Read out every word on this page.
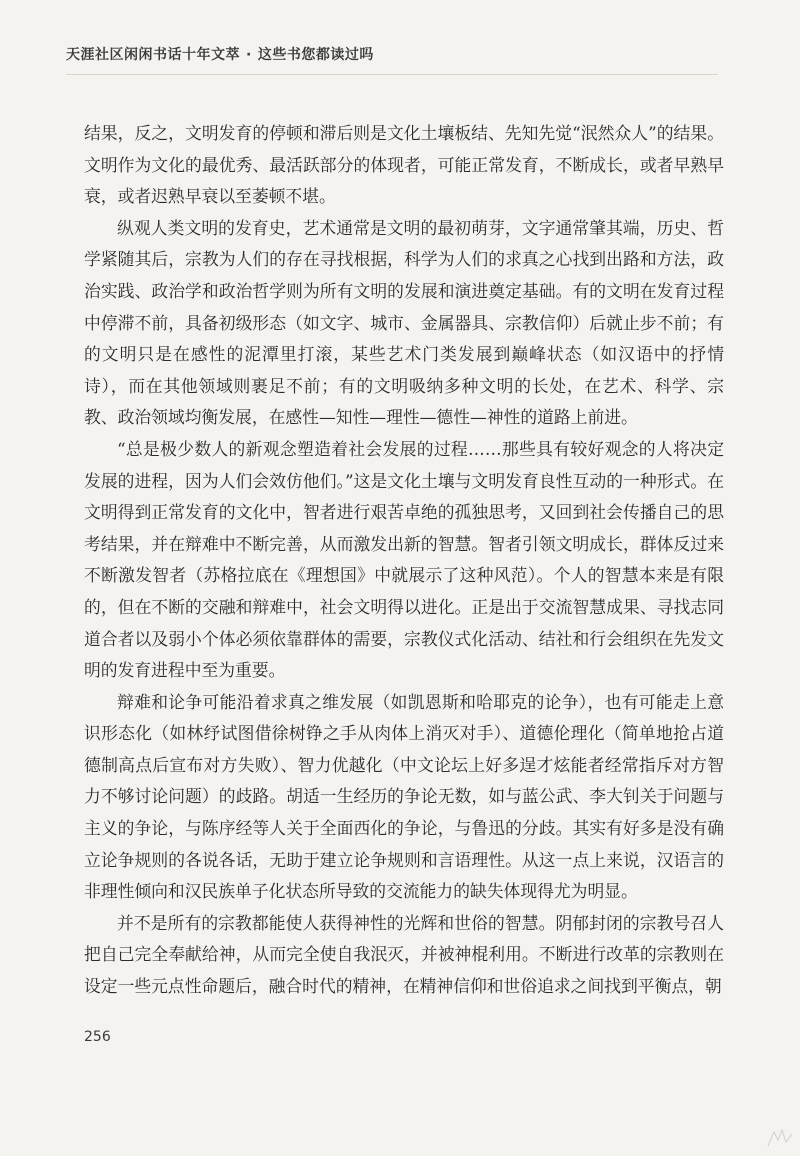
天涯社区闲闲书话十年文萃 · 这些书您都读过吗

结果，反之，文明发育的停顿和滞后则是文化土壤板结、先知先觉“泯然众人”的结果。文明作为文化的最优秀、最活跃部分的体现者，可能正常发育，不断成长，或者早熟早衰，或者迟熟早衰以至萎顿不堪。

纵观人类文明的发育史，艺术通常是文明的最初萌芽，文字通常肇其端，历史、哲学紧随其后，宗教为人们的存在寻找根据，科学为人们的求真之心找到出路和方法，政治实践、政治学和政治哲学则为所有文明的发展和演进奠定基础。有的文明在发育过程中停滞不前，具备初级形态（如文字、城市、金属器具、宗教信仰）后就止步不前；有的文明只是在感性的泥潭里打滚，某些艺术门类发展到巅峰状态（如汉语中的抒情诗），而在其他领域则裹足不前；有的文明吸纳多种文明的长处，在艺术、科学、宗教、政治领域均衡发展，在感性—知性—理性—德性—神性的道路上前进。

“总是极少数人的新观念塑造着社会发展的过程……那些具有较好观念的人将决定发展的进程，因为人们会效仿他们。”这是文化土壤与文明发育良性互动的一种形式。在文明得到正常发育的文化中，智者进行艰苦卓绝的孤独思考，又回到社会传播自己的思考结果，并在辩难中不断完善，从而激发出新的智慧。智者引领文明成长，群体反过来不断激发智者（苏格拉底在《理想国》中就展示了这种风范）。个人的智慧本来是有限的，但在不断的交融和辩难中，社会文明得以进化。正是出于交流智慧成果、寻找志同道合者以及弱小个体必须依靠群体的需要，宗教仪式化活动、结社和行会组织在先发文明的发育进程中至为重要。

辩难和论争可能沿着求真之维发展（如凯恩斯和哈耶克的论争），也有可能走上意识形态化（如林纾试图借徐树铮之手从肉体上消灭对手）、道德伦理化（简单地抢占道德制高点后宣布对方失败）、智力优越化（中文论坛上好多逞才炫能者经常指斥对方智力不够讨论问题）的歧路。胡适一生经历的争论无数，如与蓝公武、李大钊关于问题与主义的争论，与陈序经等人关于全面西化的争论，与鲁迅的分歧。其实有好多是没有确立论争规则的各说各话，无助于建立论争规则和言语理性。从这一点上来说，汉语言的非理性倾向和汉民族单子化状态所导致的交流能力的缺失体现得尤为明显。

并不是所有的宗教都能使人获得神性的光辉和世俗的智慧。阴郁封闭的宗教号召人把自己完全奉献给神，从而完全使自我泯灭，并被神棍利用。不断进行改革的宗教则在设定一些元点性命题后，融合时代的精神，在精神信仰和世俗追求之间找到平衡点，朝

256
